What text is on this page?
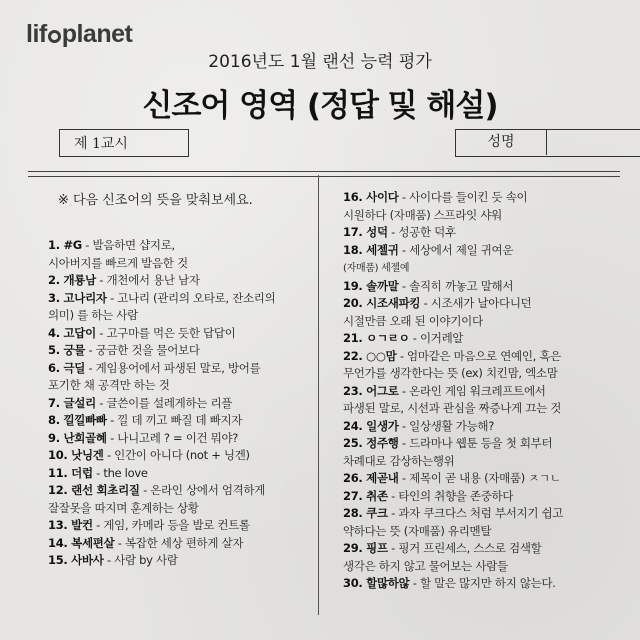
lif planet
2016년도 1월 랜선 능력 평가
신조어 영역 (정답 및 해설)
제 1교시	성명
※ 다음 신조어의 뜻을 맞춰보세요.
1. #G - 발음하면 샵지로,
시아버지를 빠르게 발음한 것
2. 개룡남 - 개천에서 용난 남자
3. 고나리자 - 고나리 (관리의 오타로, 잔소리의
의미) 를 하는 사람
4. 고답이 - 고구마를 먹은 듯한 답답이
5. 궁물 - 궁금한 것을 물어보다
6. 극딜 - 게임용어에서 파생된 말로, 방어를
포기한 채 공격만 하는 것
7. 글설리 - 글쓴이를 설레게하는 리플
8. 낄낄빠빠 - 낄 데 끼고 빠질 데 빠지자
9. 난희골혜 - 나니고레 ? = 이건 뭐야?
10. 낫닝겐 - 인간이 아니다 (not + 닝겐)
11. 더럽 - the love
12. 랜선 회초리질 - 온라인 상에서 엄격하게
잘잘못을 따지며 훈계하는 상황
13. 발컨 - 게임, 카메라 등을 발로 컨트롤
14. 복세편살 - 복잡한 세상 편하게 살자
15. 사바사 - 사람 by 사람
16. 사이다 - 사이다를 들이킨 듯 속이
시원하다 (자매품) 스프라잇 샤워
17. 성덕 - 성공한 덕후
18. 세젤귀 - 세상에서 제일 귀여운
(자매품) 세젤예
19. 솔까말 - 솔직히 까놓고 말해서
20. 시조새파킹 - 시조새가 날아다니던
시절만큼 오래 된 이야기이다
21. ㅇㄱㄹㅇ - 이거레알
22. ○○맘 - 엄마같은 마음으로 연예인, 혹은
무언가를 생각한다는 뜻 (ex) 치킨맘, 엑소맘
23. 어그로 - 온라인 게임 워크레프트에서
파생된 말로, 시선과 관심을 짜증나게 끄는 것
24. 일생가 - 일상생활 가능해?
25. 정주행 - 드라마나 웹툰 등을 첫 회부터
차례대로 감상하는행위
26. 제곧내 - 제목이 곧 내용 (자매품) ㅈㄱㄴ
27. 취존 - 타인의 취향을 존중하다
28. 쿠크 - 과자 쿠크다스 처럼 부서지기 쉽고
약하다는 뜻 (자매품) 유리멘탈
29. 핑프 - 핑거 프린세스, 스스로 검색할
생각은 하지 않고 물어보는 사람들
30. 할많하않 - 할 말은 많지만 하지 않는다.
